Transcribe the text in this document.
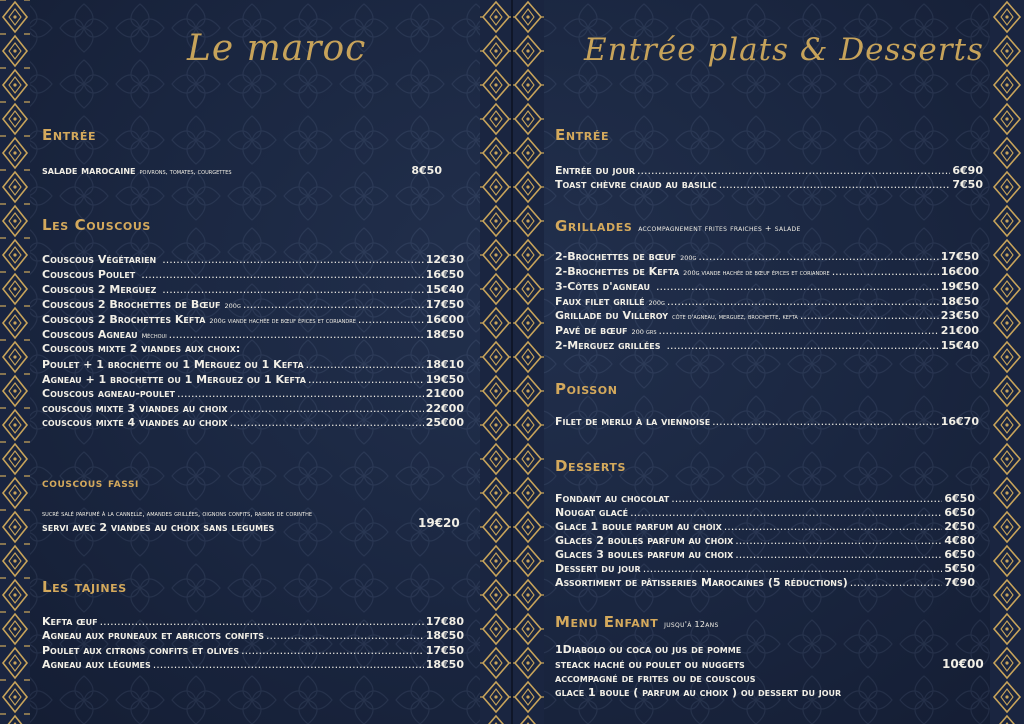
Le maroc
Entrée
salade marocaine poivrons, tomates, courgettes	8€50
Les Couscous
Couscous Végétarien .....	12€30
Couscous Poulet .....	16€50
Couscous 2 Merguez .....	15€40
Couscous 2 Brochettes de Bœuf 200g .....	17€50
Couscous 2 Brochettes Kefta 200g viande hachée de bœuf épices et coriandre .....	16€00
Couscous Agneau Méchoui .....	18€50
Couscous mixte 2 viandes aux choix:
Poulet + 1 brochette ou 1 Merguez ou 1 Kefta .....	18€10
Agneau + 1 brochette ou 1 Merguez ou 1 Kefta .....	19€50
Couscous agneau-poulet .....	21€00
couscous mixte 3 viandes au choix .....	22€00
couscous mixte 4 viandes au choix .....	25€00
couscous fassi
sucré salé parfumé à la cannelle, amandes grillées, oignons confits, raisins de corinthe
servi avec 2 viandes au choix sans legumes	19€20
Les tajines
Kefta œuf .....	17€80
Agneau aux pruneaux et abricots confits .....	18€50
Poulet aux citrons confits et olives .....	17€50
Agneau aux légumes .....	18€50
Entrée plats & Desserts
Entrée
Entrée du jour .....	6€90
Toast chèvre chaud au basilic .....	7€50
Grillades accompagnement frites fraiches + salade
2-Brochettes de bœuf 200g .....	17€50
2-Brochettes de Kefta 200g viande hachée de bœuf épices et coriandre .....	16€00
3-Côtes d'agneau .....	19€50
Faux filet grillé 200g .....	18€50
Grillade du Villeroy côte d'agneau, merguez, brochette, kefta .....	23€50
Pavé de bœuf 200 grs .....	21€00
2-Merguez grillées .....	15€40
Poisson
Filet de merlu à la viennoise .....	16€70
Desserts
Fondant au chocolat .....	6€50
Nougat glacé .....	6€50
Glace 1 boule parfum au choix .....	2€50
Glaces 2 boules parfum au choix .....	4€80
Glaces 3 boules parfum au choix .....	6€50
Dessert du jour .....	5€50
Assortiment de pâtisseries Marocaines (5 réductions) .....	7€90
Menu Enfant jusqu'à 12ans
1Diabolo ou coca ou jus de pomme
steack haché ou poulet ou nuggets
accompagné de frites ou de couscous
glace 1 boule ( parfum au choix ) ou dessert du jour
10€00
